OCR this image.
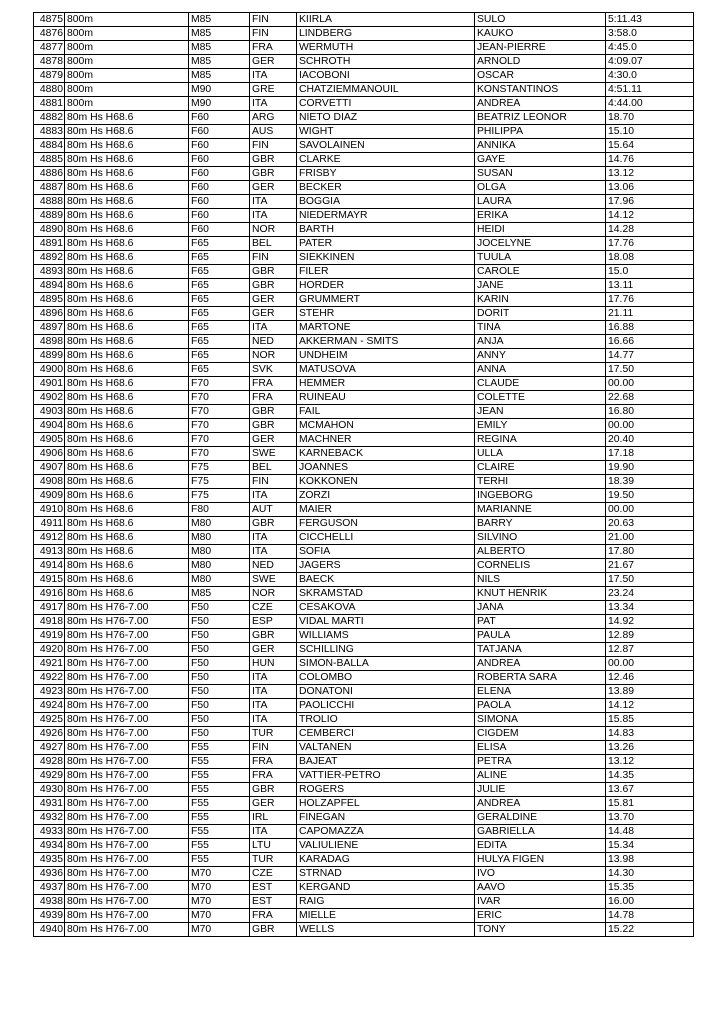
4875	800m	M85	FIN	KIIRLA	SULO	5:11.43
4876	800m	M85	FIN	LINDBERG	KAUKO	3:58.0
4877	800m	M85	FRA	WERMUTH	JEAN-PIERRE	4:45.0
4878	800m	M85	GER	SCHROTH	ARNOLD	4:09.07
4879	800m	M85	ITA	IACOBONI	OSCAR	4:30.0
4880	800m	M90	GRE	CHATZIEMMANOUIL	KONSTANTINOS	4:51.11
4881	800m	M90	ITA	CORVETTI	ANDREA	4:44.00
4882	80m Hs H68.6	F60	ARG	NIETO DIAZ	BEATRIZ LEONOR	18.70
4883	80m Hs H68.6	F60	AUS	WIGHT	PHILIPPA	15.10
4884	80m Hs H68.6	F60	FIN	SAVOLAINEN	ANNIKA	15.64
4885	80m Hs H68.6	F60	GBR	CLARKE	GAYE	14.76
4886	80m Hs H68.6	F60	GBR	FRISBY	SUSAN	13.12
4887	80m Hs H68.6	F60	GER	BECKER	OLGA	13.06
4888	80m Hs H68.6	F60	ITA	BOGGIA	LAURA	17.96
4889	80m Hs H68.6	F60	ITA	NIEDERMAYR	ERIKA	14.12
4890	80m Hs H68.6	F60	NOR	BARTH	HEIDI	14.28
4891	80m Hs H68.6	F65	BEL	PATER	JOCELYNE	17.76
4892	80m Hs H68.6	F65	FIN	SIEKKINEN	TUULA	18.08
4893	80m Hs H68.6	F65	GBR	FILER	CAROLE	15.0
4894	80m Hs H68.6	F65	GBR	HORDER	JANE	13.11
4895	80m Hs H68.6	F65	GER	GRUMMERT	KARIN	17.76
4896	80m Hs H68.6	F65	GER	STEHR	DORIT	21.11
4897	80m Hs H68.6	F65	ITA	MARTONE	TINA	16.88
4898	80m Hs H68.6	F65	NED	AKKERMAN - SMITS	ANJA	16.66
4899	80m Hs H68.6	F65	NOR	UNDHEIM	ANNY	14.77
4900	80m Hs H68.6	F65	SVK	MATUSOVA	ANNA	17.50
4901	80m Hs H68.6	F70	FRA	HEMMER	CLAUDE	00.00
4902	80m Hs H68.6	F70	FRA	RUINEAU	COLETTE	22.68
4903	80m Hs H68.6	F70	GBR	FAIL	JEAN	16.80
4904	80m Hs H68.6	F70	GBR	MCMAHON	EMILY	00.00
4905	80m Hs H68.6	F70	GER	MACHNER	REGINA	20.40
4906	80m Hs H68.6	F70	SWE	KARNEBACK	ULLA	17.18
4907	80m Hs H68.6	F75	BEL	JOANNES	CLAIRE	19.90
4908	80m Hs H68.6	F75	FIN	KOKKONEN	TERHI	18.39
4909	80m Hs H68.6	F75	ITA	ZORZI	INGEBORG	19.50
4910	80m Hs H68.6	F80	AUT	MAIER	MARIANNE	00.00
4911	80m Hs H68.6	M80	GBR	FERGUSON	BARRY	20.63
4912	80m Hs H68.6	M80	ITA	CICCHELLI	SILVINO	21.00
4913	80m Hs H68.6	M80	ITA	SOFIA	ALBERTO	17.80
4914	80m Hs H68.6	M80	NED	JAGERS	CORNELIS	21.67
4915	80m Hs H68.6	M80	SWE	BAECK	NILS	17.50
4916	80m Hs H68.6	M85	NOR	SKRAMSTAD	KNUT HENRIK	23.24
4917	80m Hs H76-7.00	F50	CZE	CESAKOVA	JANA	13.34
4918	80m Hs H76-7.00	F50	ESP	VIDAL MARTI	PAT	14.92
4919	80m Hs H76-7.00	F50	GBR	WILLIAMS	PAULA	12.89
4920	80m Hs H76-7.00	F50	GER	SCHILLING	TATJANA	12.87
4921	80m Hs H76-7.00	F50	HUN	SIMON-BALLA	ANDREA	00.00
4922	80m Hs H76-7.00	F50	ITA	COLOMBO	ROBERTA SARA	12.46
4923	80m Hs H76-7.00	F50	ITA	DONATONI	ELENA	13.89
4924	80m Hs H76-7.00	F50	ITA	PAOLICCHI	PAOLA	14.12
4925	80m Hs H76-7.00	F50	ITA	TROLIO	SIMONA	15.85
4926	80m Hs H76-7.00	F50	TUR	CEMBERCI	CIGDEM	14.83
4927	80m Hs H76-7.00	F55	FIN	VALTANEN	ELISA	13.26
4928	80m Hs H76-7.00	F55	FRA	BAJEAT	PETRA	13.12
4929	80m Hs H76-7.00	F55	FRA	VATTIER-PETRO	ALINE	14.35
4930	80m Hs H76-7.00	F55	GBR	ROGERS	JULIE	13.67
4931	80m Hs H76-7.00	F55	GER	HOLZAPFEL	ANDREA	15.81
4932	80m Hs H76-7.00	F55	IRL	FINEGAN	GERALDINE	13.70
4933	80m Hs H76-7.00	F55	ITA	CAPOMAZZA	GABRIELLA	14.48
4934	80m Hs H76-7.00	F55	LTU	VALIULIENE	EDITA	15.34
4935	80m Hs H76-7.00	F55	TUR	KARADAG	HULYA FIGEN	13.98
4936	80m Hs H76-7.00	M70	CZE	STRNAD	IVO	14.30
4937	80m Hs H76-7.00	M70	EST	KERGAND	AAVO	15.35
4938	80m Hs H76-7.00	M70	EST	RAIG	IVAR	16.00
4939	80m Hs H76-7.00	M70	FRA	MIELLE	ERIC	14.78
4940	80m Hs H76-7.00	M70	GBR	WELLS	TONY	15.22
